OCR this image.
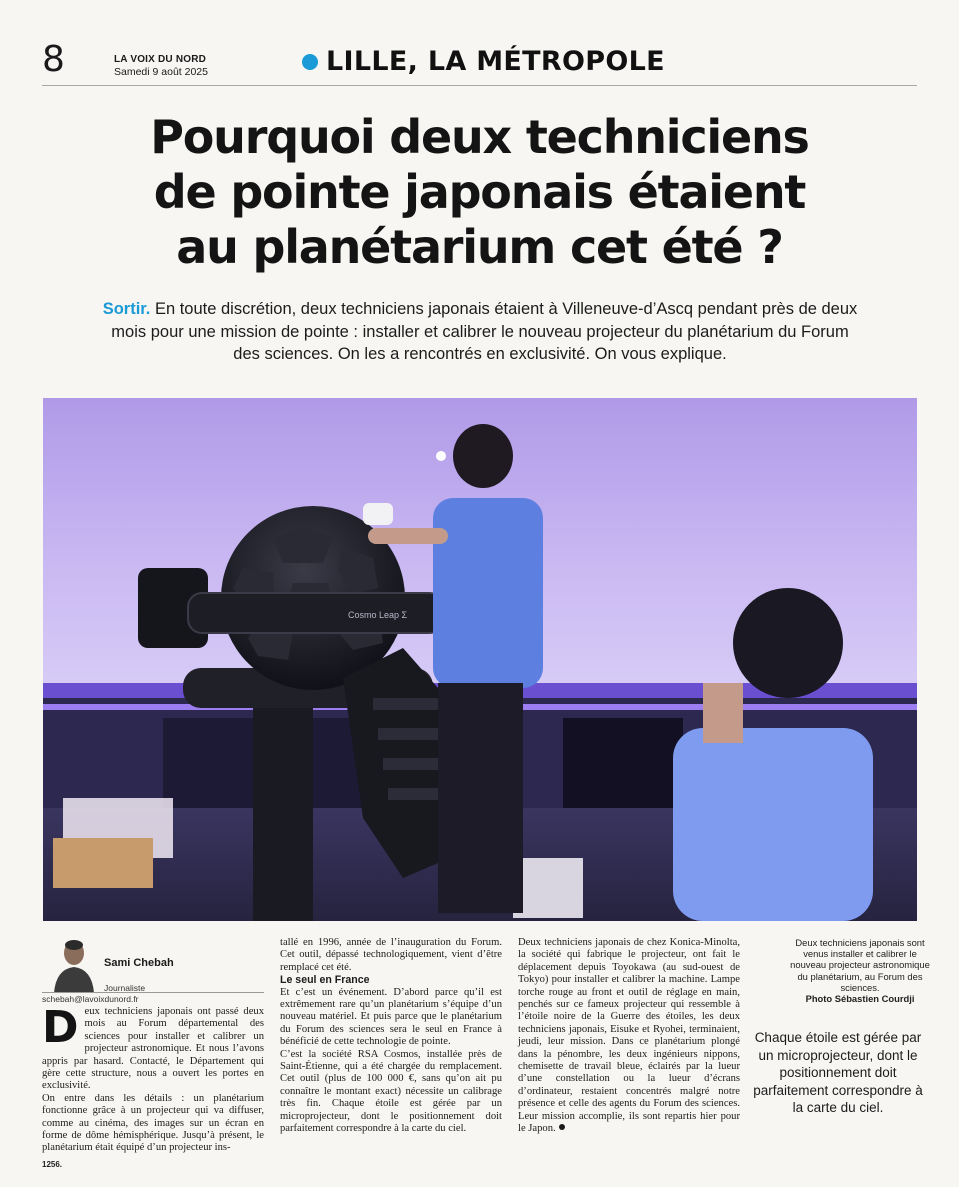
8	LA VOIX DU NORD
Samedi 9 août 2025	LILLE, LA MÉTROPOLE
Pourquoi deux techniciens
de pointe japonais étaient
au planétarium cet été ?
Sortir. En toute discrétion, deux techniciens japonais étaient à Villeneuve-d’Ascq pendant près de deux mois pour une mission de pointe : installer et calibrer le nouveau projecteur du planétarium du Forum des sciences. On les a rencontrés en exclusivité. On vous explique.
Cosmo Leap Σ
Sami Chebah
Journaliste
schebah@lavoixdunord.fr

Deux techniciens japonais ont passé deux mois au Forum départemental des sciences pour installer et calibrer un projecteur astronomique. Et nous l’avons appris par hasard. Contacté, le Département qui gère cette structure, nous a ouvert les portes en exclusivité.

On entre dans les détails : un planétarium fonctionne grâce à un projecteur qui va diffuser, comme au cinéma, des images sur un écran en forme de dôme hémisphérique. Jusqu’à présent, le planétarium était équipé d’un projecteur ins-

tallé en 1996, année de l’inauguration du Forum. Cet outil, dépassé technologiquement, vient d’être remplacé cet été.

Le seul en France

Et c’est un événement. D’abord parce qu’il est extrêmement rare qu’un planétarium s’équipe d’un nouveau matériel. Et puis parce que le planétarium du Forum des sciences sera le seul en France à bénéficié de cette technologie de pointe.

C’est la société RSA Cosmos, installée près de Saint-Étienne, qui a été chargée du remplacement. Cet outil (plus de 100 000 €, sans qu’on ait pu connaître le montant exact) nécessite un calibrage très fin. Chaque étoile est gérée par un microprojecteur, dont le positionnement doit parfaitement correspondre à la carte du ciel.

Deux techniciens japonais de chez Konica-Minolta, la société qui fabrique le projecteur, ont fait le déplacement depuis Toyokawa (au sud-ouest de Tokyo) pour installer et calibrer la machine. Lampe torche rouge au front et outil de réglage en main, penchés sur ce fameux projecteur qui ressemble à l’étoile noire de la Guerre des étoiles, les deux techniciens japonais, Eisuke et Ryohei, terminaient, jeudi, leur mission. Dans ce planétarium plongé dans la pénombre, les deux ingénieurs nippons, chemisette de travail bleue, éclairés par la lueur d’une constellation ou la lueur d’écrans d’ordinateur, restaient concentrés malgré notre présence et celle des agents du Forum des sciences. Leur mission accomplie, ils sont repartis hier pour le Japon.

Deux techniciens japonais sont venus installer et calibrer le nouveau projecteur astronomique du planétarium, au Forum des sciences.
Photo Sébastien Courdji
Chaque étoile est gérée par un microprojecteur, dont le positionnement doit parfaitement correspondre à la carte du ciel.
1256.
